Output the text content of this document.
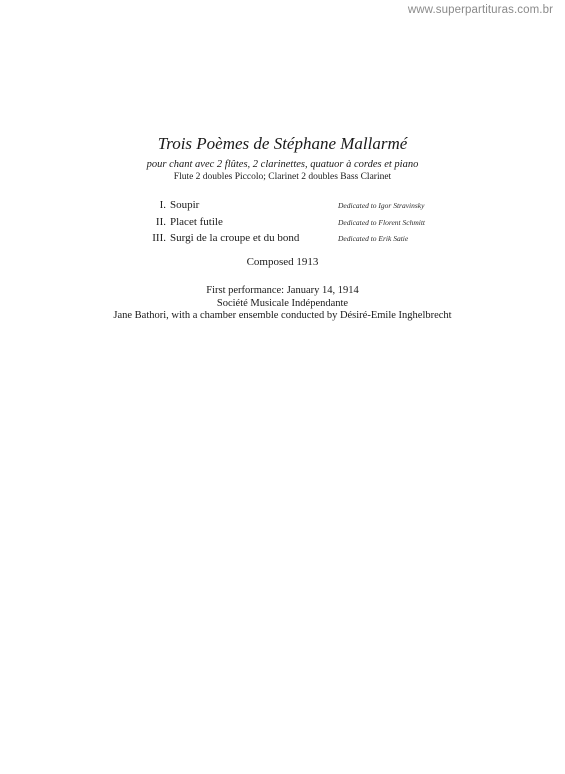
www.superpartituras.com.br
Trois Poèmes de Stéphane Mallarmé
pour chant avec 2 flûtes, 2 clarinettes, quatuor à cordes et piano
Flute 2 doubles Piccolo; Clarinet 2 doubles Bass Clarinet
I. Soupir	Dedicated to Igor Stravinsky
II. Placet futile	Dedicated to Florent Schmitt
III. Surgi de la croupe et du bond	Dedicated to Erik Satie
Composed 1913
First performance: January 14, 1914
Société Musicale Indépendante
Jane Bathori, with a chamber ensemble conducted by Désiré-Emile Inghelbrecht
